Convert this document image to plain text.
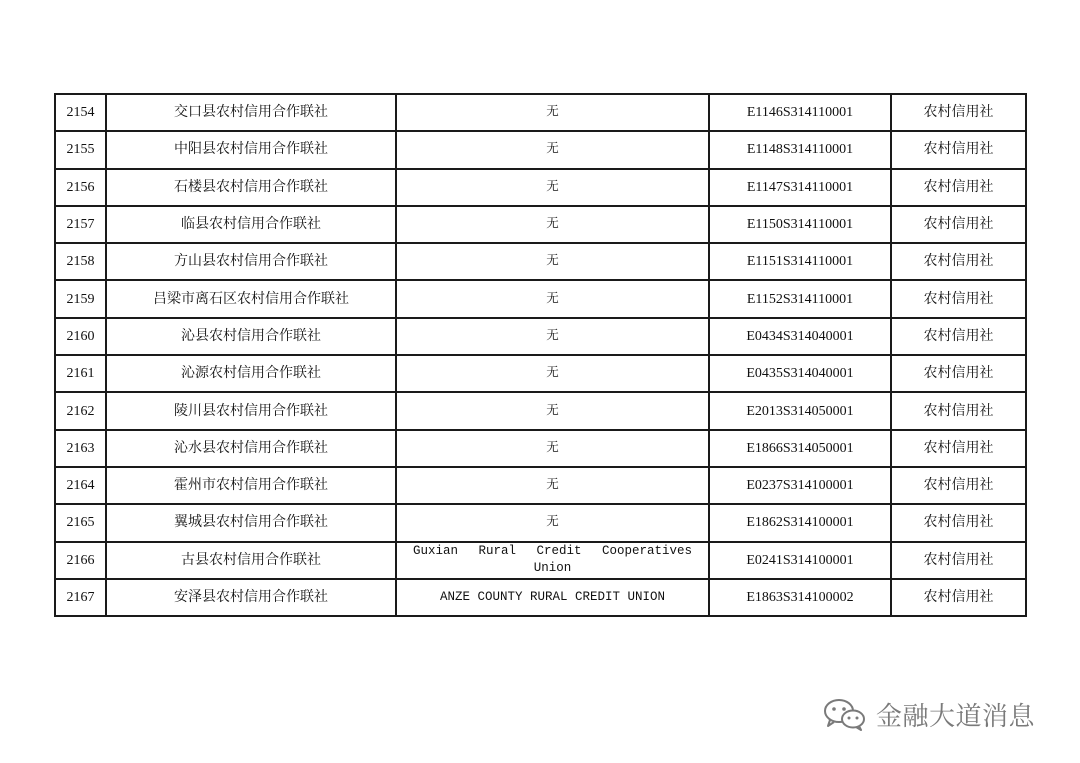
2154	交口县农村信用合作联社	无	E1146S314110001	农村信用社
2155	中阳县农村信用合作联社	无	E1148S314110001	农村信用社
2156	石楼县农村信用合作联社	无	E1147S314110001	农村信用社
2157	临县农村信用合作联社	无	E1150S314110001	农村信用社
2158	方山县农村信用合作联社	无	E1151S314110001	农村信用社
2159	吕梁市离石区农村信用合作联社	无	E1152S314110001	农村信用社
2160	沁县农村信用合作联社	无	E0434S314040001	农村信用社
2161	沁源农村信用合作联社	无	E0435S314040001	农村信用社
2162	陵川县农村信用合作联社	无	E2013S314050001	农村信用社
2163	沁水县农村信用合作联社	无	E1866S314050001	农村信用社
2164	霍州市农村信用合作联社	无	E0237S314100001	农村信用社
2165	翼城县农村信用合作联社	无	E1862S314100001	农村信用社
2166	古县农村信用合作联社	Guxian Rural Credit Cooperatives Union	E0241S314100001	农村信用社
2167	安泽县农村信用合作联社	ANZE COUNTY RURAL CREDIT UNION	E1863S314100002	农村信用社
金融大道消息
